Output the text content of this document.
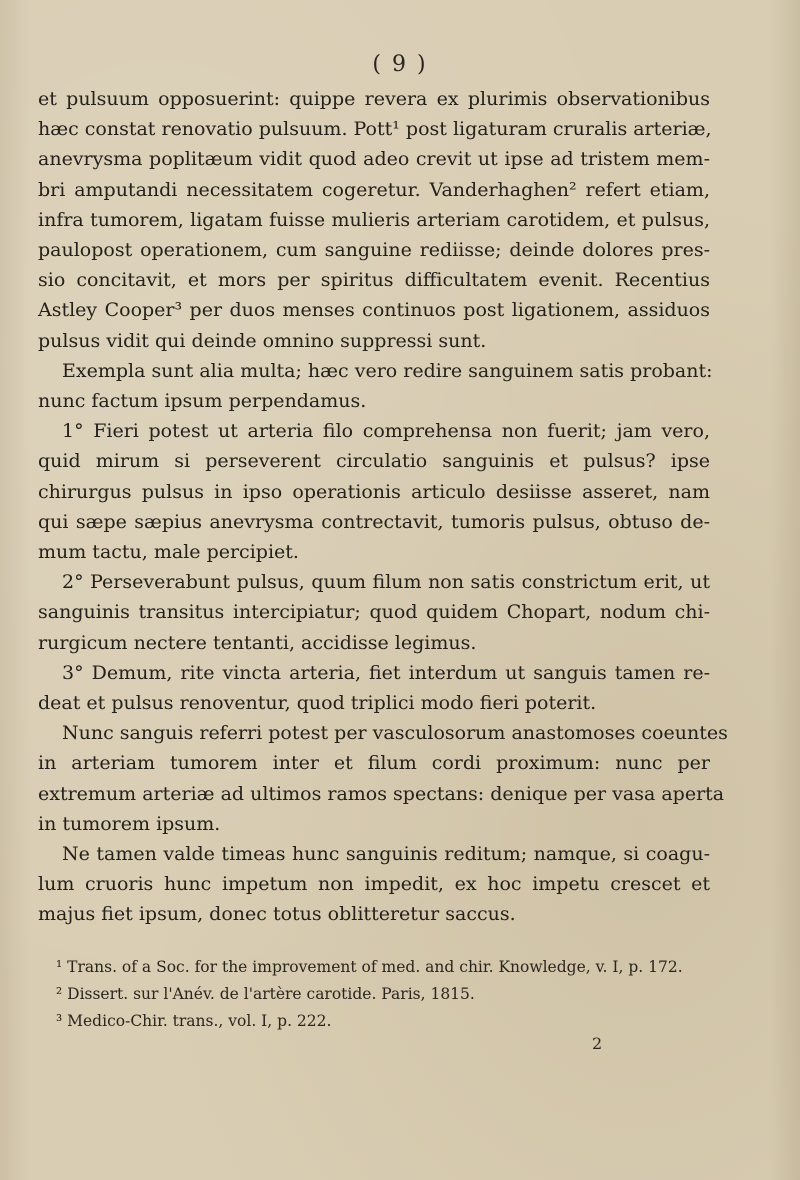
( 9 )
et pulsuum opposuerint: quippe revera ex plurimis observationibus
hæc constat renovatio pulsuum. Pott¹ post ligaturam cruralis arteriæ,
anevrysma poplitæum vidit quod adeo crevit ut ipse ad tristem mem-
bri amputandi necessitatem cogeretur. Vanderhaghen² refert etiam,
infra tumorem, ligatam fuisse mulieris arteriam carotidem, et pulsus,
paulopost operationem, cum sanguine rediisse; deinde dolores pres-
sio concitavit, et mors per spiritus difficultatem evenit. Recentius
Astley Cooper³ per duos menses continuos post ligationem, assiduos
pulsus vidit qui deinde omnino suppressi sunt.
Exempla sunt alia multa; hæc vero redire sanguinem satis probant:
nunc factum ipsum perpendamus.
1° Fieri potest ut arteria filo comprehensa non fuerit; jam vero,
quid mirum si perseverent circulatio sanguinis et pulsus? ipse
chirurgus pulsus in ipso operationis articulo desiisse asseret, nam
qui sæpe sæpius anevrysma contrectavit, tumoris pulsus, obtuso de-
mum tactu, male percipiet.
2° Perseverabunt pulsus, quum filum non satis constrictum erit, ut
sanguinis transitus intercipiatur; quod quidem Chopart, nodum chi-
rurgicum nectere tentanti, accidisse legimus.
3° Demum, rite vincta arteria, fiet interdum ut sanguis tamen re-
deat et pulsus renoventur, quod triplici modo fieri poterit.
Nunc sanguis referri potest per vasculosorum anastomoses coeuntes
in arteriam tumorem inter et filum cordi proximum: nunc per
extremum arteriæ ad ultimos ramos spectans: denique per vasa aperta
in tumorem ipsum.
Ne tamen valde timeas hunc sanguinis reditum; namque, si coagu-
lum cruoris hunc impetum non impedit, ex hoc impetu crescet et
majus fiet ipsum, donec totus oblitteretur saccus.
¹ Trans. of a Soc. for the improvement of med. and chir. Knowledge, v. I, p. 172.
² Dissert. sur l'Anév. de l'artère carotide. Paris, 1815.
³ Medico-Chir. trans., vol. I, p. 222.
2
